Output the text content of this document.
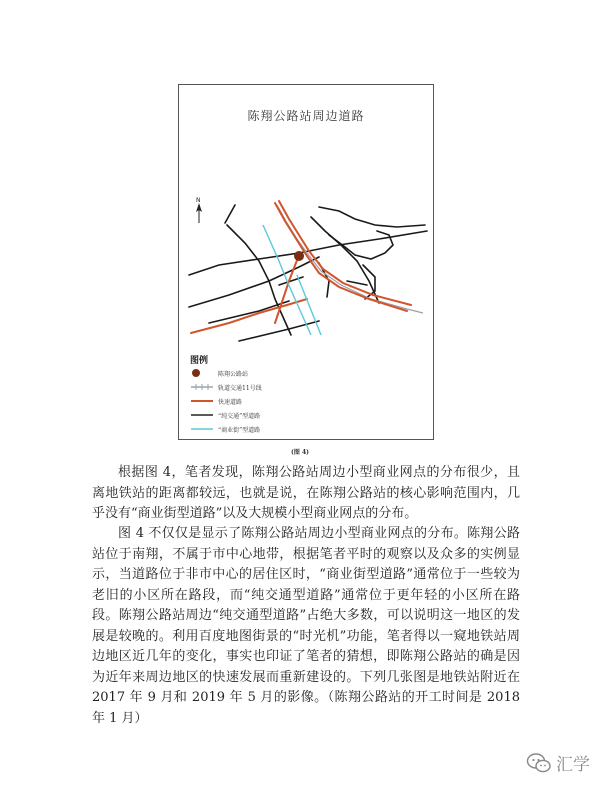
陈翔公路站周边道路
N
图例
陈翔公路站
轨道交通11号线
快速道路
“纯交通”型道路
“商业街”型道路
(图 4)

根据图 4，笔者发现，陈翔公路站周边小型商业网点的分布很少，且离地铁站的距离都较远，也就是说，在陈翔公路站的核心影响范围内，几乎没有“商业街型道路”以及大规模小型商业网点的分布。

图 4 不仅仅是显示了陈翔公路站周边小型商业网点的分布。陈翔公路站位于南翔，不属于市中心地带，根据笔者平时的观察以及众多的实例显示，当道路位于非市中心的居住区时，“商业街型道路”通常位于一些较为老旧的小区所在路段，而“纯交通型道路”通常位于更年轻的小区所在路段。陈翔公路站周边“纯交通型道路”占绝大多数，可以说明这一地区的发展是较晚的。利用百度地图街景的“时光机”功能，笔者得以一窥地铁站周边地区近几年的变化，事实也印证了笔者的猜想，即陈翔公路站的确是因为近年来周边地区的快速发展而重新建设的。下列几张图是地铁站附近在 2017 年 9 月和 2019 年 5 月的影像。（陈翔公路站的开工时间是 2018 年 1 月）

汇学
